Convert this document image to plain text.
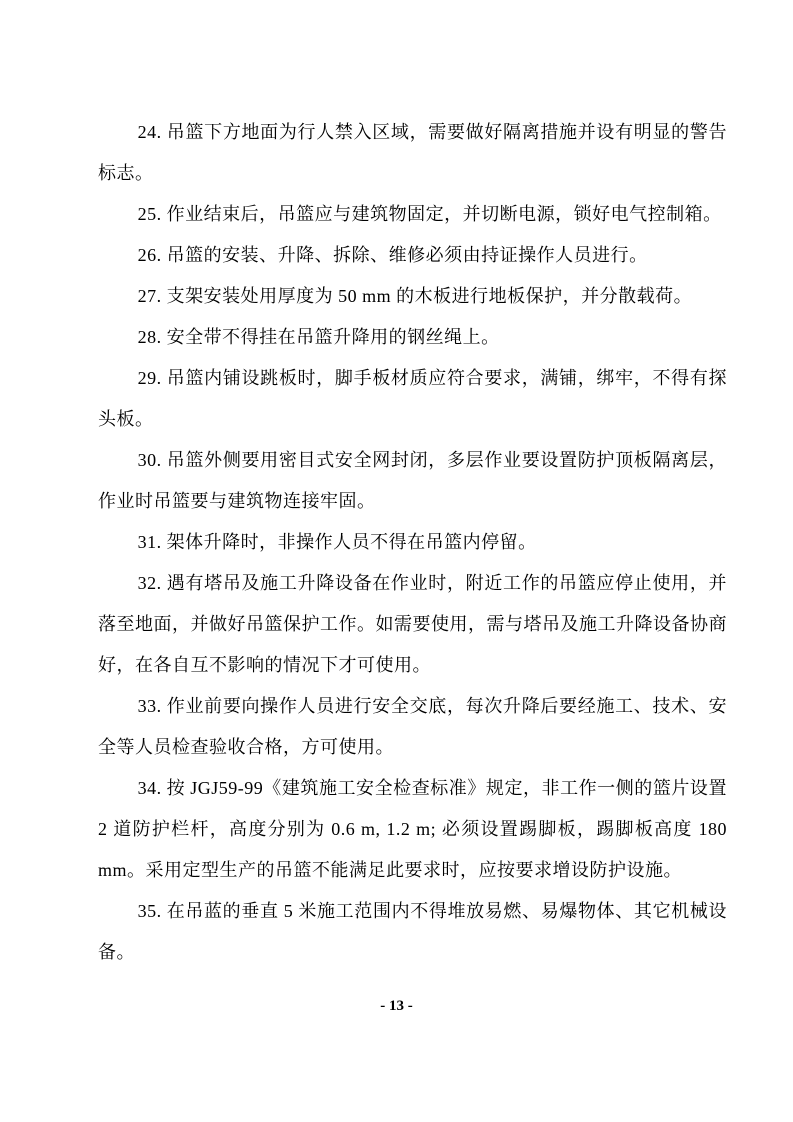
24. 吊篮下方地面为行人禁入区域，需要做好隔离措施并设有明显的警告标志。

25. 作业结束后，吊篮应与建筑物固定，并切断电源，锁好电气控制箱。

26. 吊篮的安装、升降、拆除、维修必须由持证操作人员进行。

27. 支架安装处用厚度为 50 mm 的木板进行地板保护，并分散载荷。

28. 安全带不得挂在吊篮升降用的钢丝绳上。

29. 吊篮内铺设跳板时，脚手板材质应符合要求，满铺，绑牢，不得有探头板。

30. 吊篮外侧要用密目式安全网封闭，多层作业要设置防护顶板隔离层，作业时吊篮要与建筑物连接牢固。

31. 架体升降时，非操作人员不得在吊篮内停留。

32. 遇有塔吊及施工升降设备在作业时，附近工作的吊篮应停止使用，并落至地面，并做好吊篮保护工作。如需要使用，需与塔吊及施工升降设备协商好，在各自互不影响的情况下才可使用。

33. 作业前要向操作人员进行安全交底，每次升降后要经施工、技术、安全等人员检查验收合格，方可使用。

34. 按 JGJ59-99《建筑施工安全检查标准》规定，非工作一侧的篮片设置 2 道防护栏杆，高度分别为 0.6 m, 1.2 m; 必须设置踢脚板，踢脚板高度 180 mm。采用定型生产的吊篮不能满足此要求时，应按要求增设防护设施。

35. 在吊蓝的垂直 5 米施工范围内不得堆放易燃、易爆物体、其它机械设备。

- 13 -
